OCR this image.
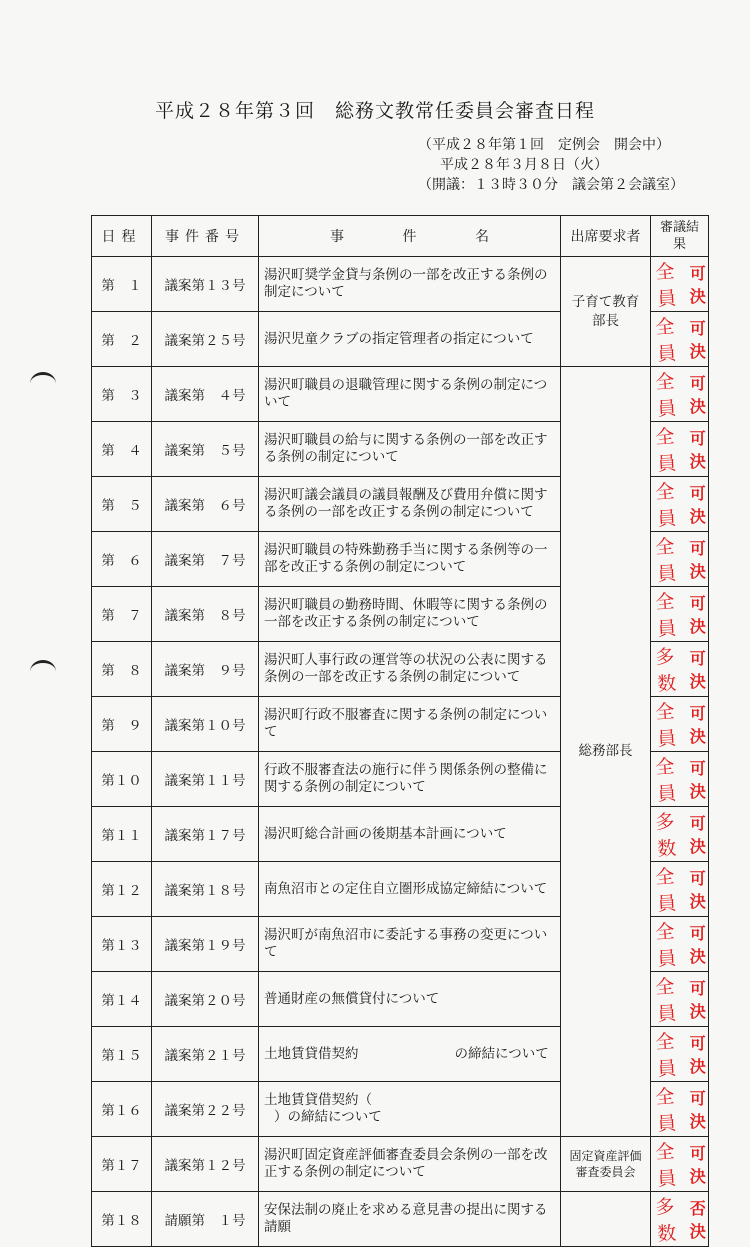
平成２８年第３回　総務文教常任委員会審査日程
（平成２８年第１回　定例会　開会中）
平成２８年３月８日（火）
（開議：１３時３０分　議会第２会議室）
日程	事件番号	事 件 名	出席要求者	審議結果
第　１	議案第１３号	湯沢町奨学金貸与条例の一部を改正する条例の制定について	子育て教育部長	全員
可決

第　２	議案第２５号	湯沢児童クラブの指定管理者の指定について		全員
可決

第　３	議案第　４号	湯沢町職員の退職管理に関する条例の制定について	総務部長	全員
可決

第　４	議案第　５号	湯沢町職員の給与に関する条例の一部を改正する条例の制定について		全員
可決

第　５	議案第　６号	湯沢町議会議員の議員報酬及び費用弁償に関する条例の一部を改正する条例の制定について		全員
可決

第　６	議案第　７号	湯沢町職員の特殊勤務手当に関する条例等の一部を改正する条例の制定について		全員
可決

第　７	議案第　８号	湯沢町職員の勤務時間、休暇等に関する条例の一部を改正する条例の制定について		全員
可決

第　８	議案第　９号	湯沢町人事行政の運営等の状況の公表に関する条例の一部を改正する条例の制定について		多数
可決

第　９	議案第１０号	湯沢町行政不服審査に関する条例の制定について		全員
可決

第１０	議案第１１号	行政不服審査法の施行に伴う関係条例の整備に関する条例の制定について		全員
可決

第１１	議案第１７号	湯沢町総合計画の後期基本計画について		多数
可決

第１２	議案第１８号	南魚沼市との定住自立圏形成協定締結について		全員
可決

第１３	議案第１９号	湯沢町が南魚沼市に委託する事務の変更について		全員
可決

第１４	議案第２０号	普通財産の無償貸付について		全員
可決

第１５	議案第２１号	土地賃貸借契約 の締結について		全員
可決

第１６	議案第２２号	土地賃貸借契約（
）の締結について		全員
可決

第１７	議案第１２号	湯沢町固定資産評価審査委員会条例の一部を改正する条例の制定について	固定資産評価審査委員会	全員
可決

第１８	請願第　１号	安保法制の廃止を求める意見書の提出に関する請願		多数
否決
